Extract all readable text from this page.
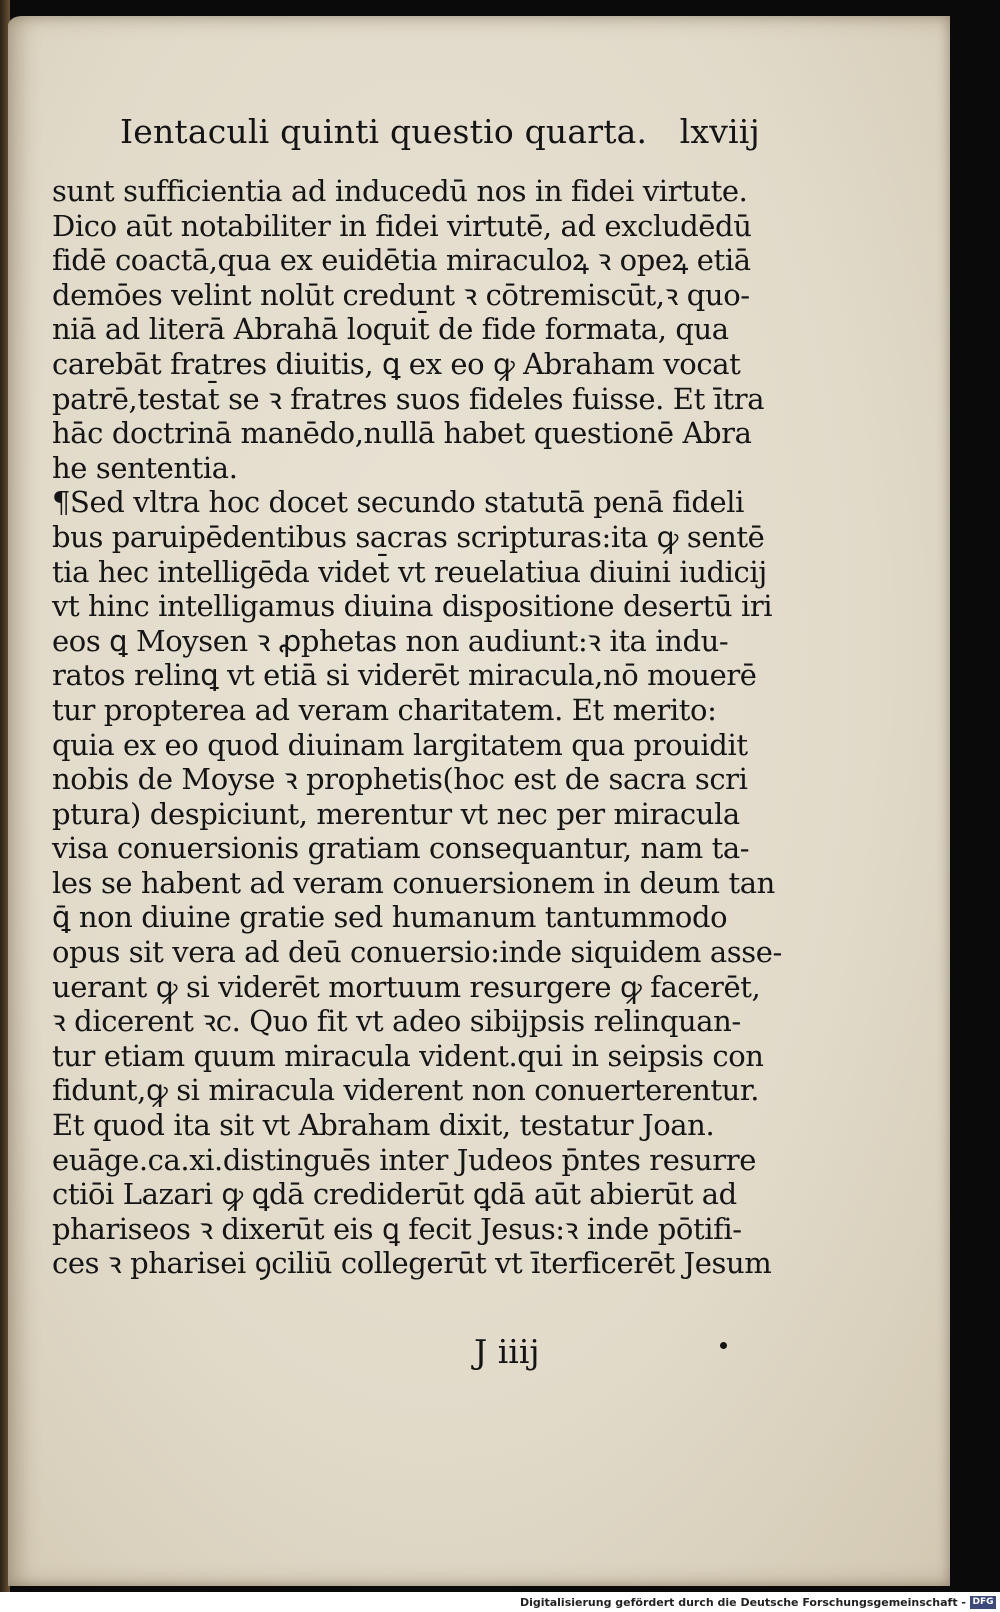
Ientaculi quinti questio quarta. lxviij
sunt sufficientia ad inducedū nos in fidei virtute.
Dico aūt notabiliter in fidei virtutē, ad excludēdū
fidē coactā,qua ex euidētia miraculoꝝ ꝛ opeꝝ etiā
demōes velint nolūt credunt ꝛ cōtremiscūt,ꝛ quo-
niā ad literā Abrahā loquit̄ de fide formata, qua
carebāt fratres diuitis, ꝗ ex eo ꝙ Abraham vocat
patrē,testat̄ se ꝛ fratres suos fideles fuisse. Et ītra
hāc doctrinā manēdo,nullā habet questionē Abra
he sententia.
¶Sed vltra hoc docet secundo statutā penā fideli
bus paruipēdentibus sacras scripturas:ita ꝙ sentē
tia hec intelligēda videt̄ vt reuelatiua diuini iudicij
vt hinc intelligamus diuina dispositione desertū iri
eos ꝗ Moysen ꝛ ꝓphetas non audiunt:ꝛ ita indu-
ratos relinꝗ vt etiā si viderēt miracula,nō mouerē
tur propterea ad veram charitatem. Et merito:
quia ex eo quod diuinam largitatem qua prouidit
nobis de Moyse ꝛ prophetis(hoc est de sacra scri
ptura) despiciunt, merentur vt nec per miracula
visa conuersionis gratiam consequantur, nam ta-
les se habent ad veram conuersionem in deum tan
ꝗ̄ non diuine gratie sed humanum tantummodo
opus sit vera ad deū conuersio:inde siquidem asse-
uerant ꝙ si viderēt mortuum resurgere ꝙ facerēt,
ꝛ dicerent ꝛc. Quo fit vt adeo sibijpsis relinquan-
tur etiam quum miracula vident.qui in seipsis con
fidunt,ꝙ si miracula viderent non conuerterentur.
Et quod ita sit vt Abraham dixit, testatur Joan.
euāge.ca.xi.distinguēs inter Judeos p̄ntes resurre
ctiōi Lazari ꝙ ꝗdā crediderūt ꝗdā aūt abierūt ad
phariseos ꝛ dixerūt eis ꝗ fecit Jesus:ꝛ inde pōtifi-
ces ꝛ pharisei ꝯciliū collegerūt vt īterficerēt Jesum
J iiij
Digitalisierung gefördert durch die Deutsche Forschungsgemeinschaft - DFG
